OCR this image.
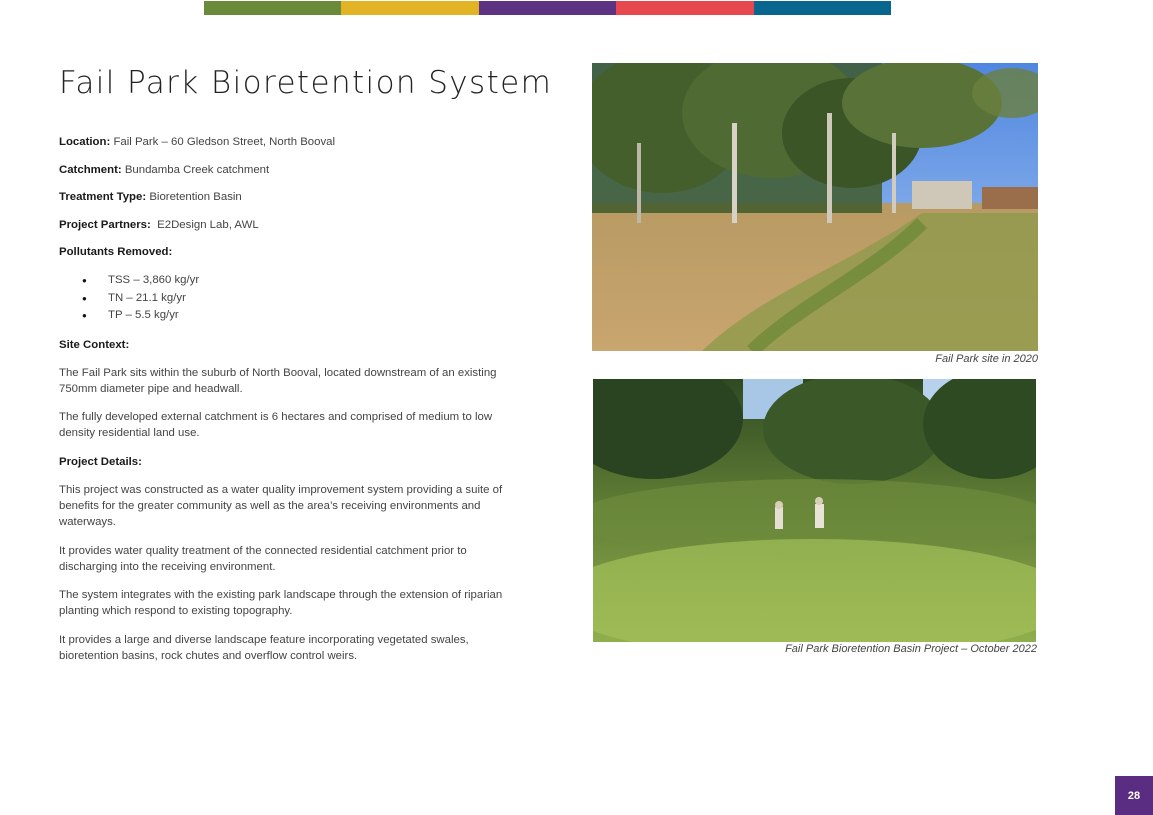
Fail Park Bioretention System

Location: Fail Park – 60 Gledson Street, North Booval

Catchment: Bundamba Creek catchment

Treatment Type: Bioretention Basin

Project Partners:  E2Design Lab, AWL

Pollutants Removed:

● TSS – 3,860 kg/yr
● TN – 21.1 kg/yr
● TP – 5.5 kg/yr

Site Context:

The Fail Park sits within the suburb of North Booval, located downstream of an existing 750mm diameter pipe and headwall.

The fully developed external catchment is 6 hectares and comprised of medium to low density residential land use.

Project Details:

This project was constructed as a water quality improvement system providing a suite of benefits for the greater community as well as the area’s receiving environments and waterways.

It provides water quality treatment of the connected residential catchment prior to discharging into the receiving environment.

The system integrates with the existing park landscape through the extension of riparian planting which respond to existing topography.

It provides a large and diverse landscape feature incorporating vegetated swales, bioretention basins, rock chutes and overflow control weirs.

Fail Park site in 2020
Fail Park Bioretention Basin Project – October 2022
28
